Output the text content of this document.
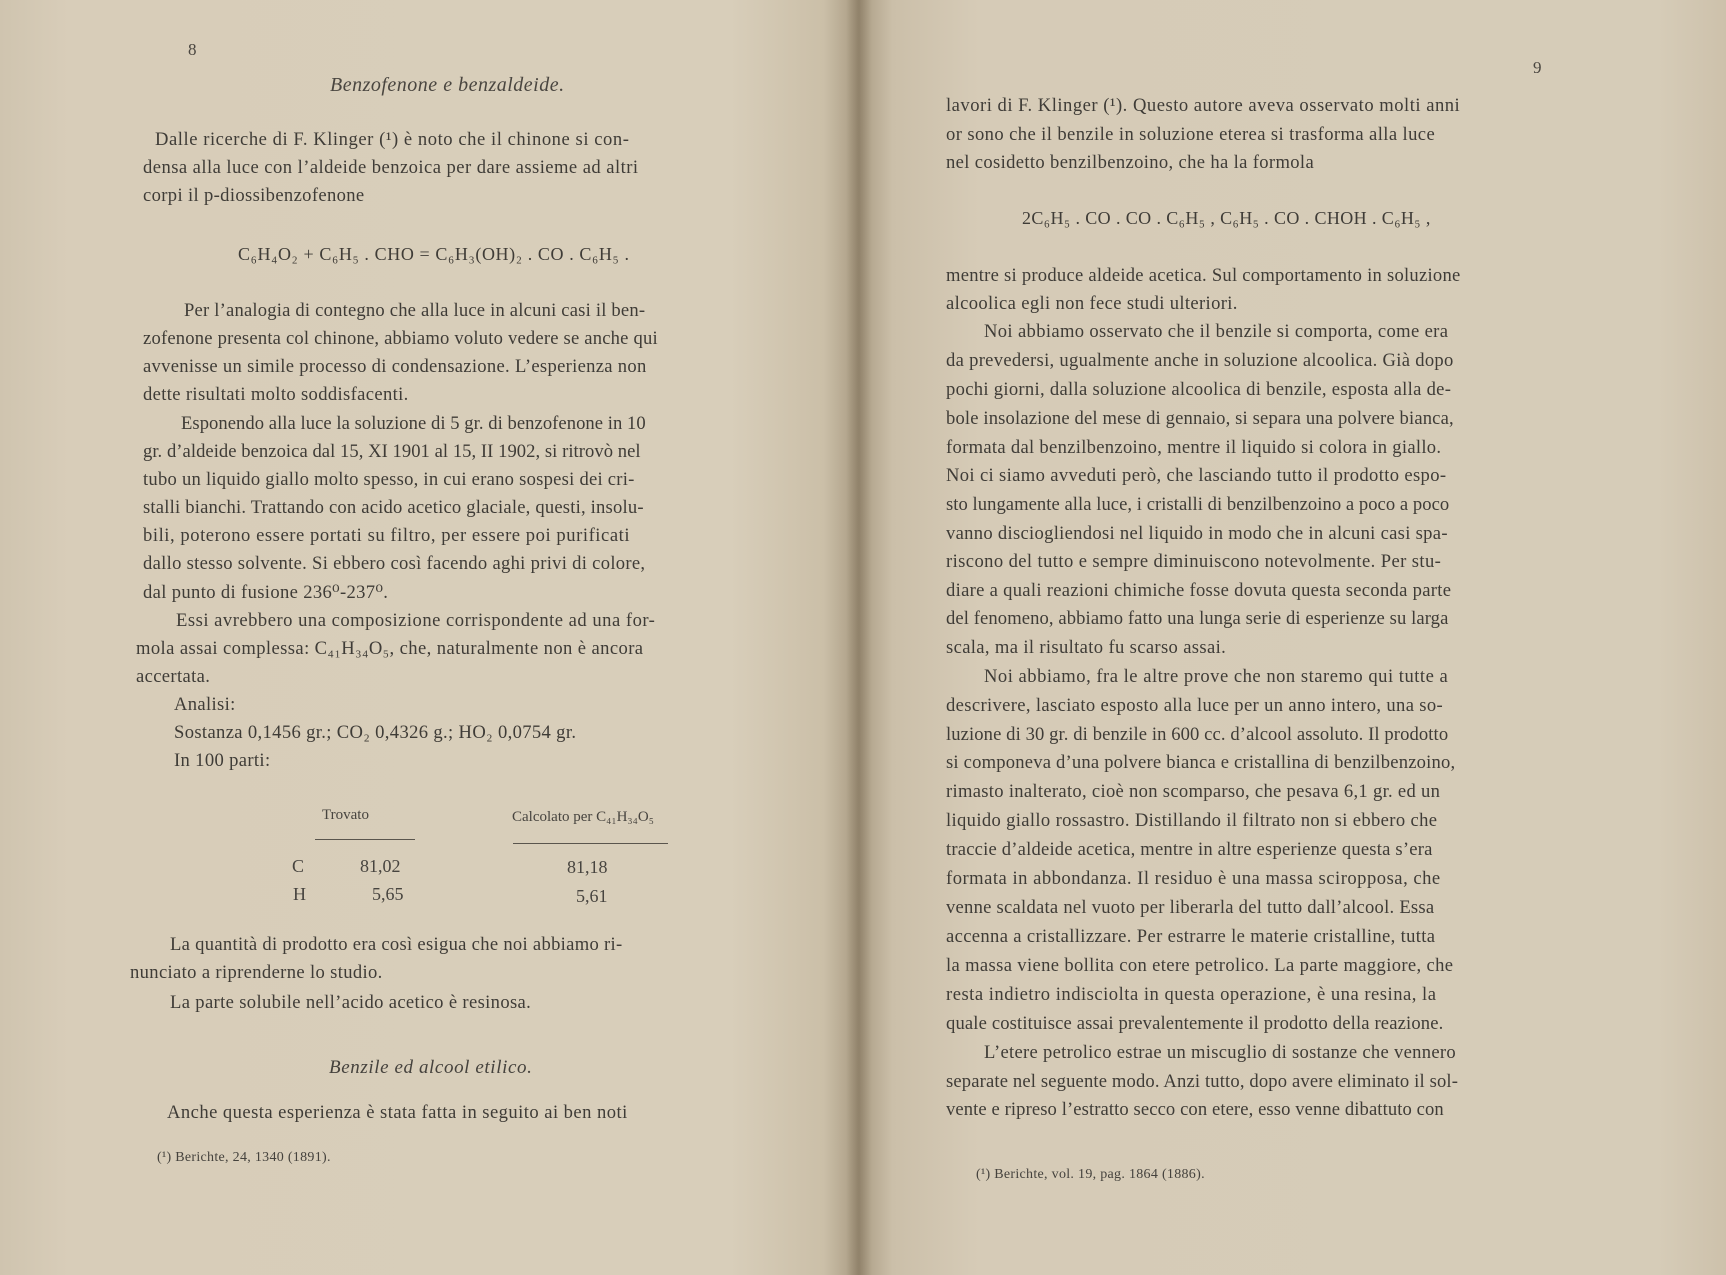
8
Benzofenone e benzaldeide.
Dalle ricerche di F. Klinger (¹) è noto che il chinone si con-
densa alla luce con l’aldeide benzoica per dare assieme ad altri
corpi il p-diossibenzofenone
C₆H₄O₂ + C₆H₅ . CHO = C₆H₃(OH)₂ . CO . C₆H₅ .
Per l’analogia di contegno che alla luce in alcuni casi il ben-
zofenone presenta col chinone, abbiamo voluto vedere se anche qui
avvenisse un simile processo di condensazione. L’esperienza non
dette risultati molto soddisfacenti.
Esponendo alla luce la soluzione di 5 gr. di benzofenone in 10
gr. d’aldeide benzoica dal 15, XI 1901 al 15, II 1902, si ritrovò nel
tubo un liquido giallo molto spesso, in cui erano sospesi dei cri-
stalli bianchi. Trattando con acido acetico glaciale, questi, insolu-
bili, poterono essere portati su filtro, per essere poi purificati
dallo stesso solvente. Si ebbero così facendo aghi privi di colore,
dal punto di fusione 236⁰-237⁰.
Essi avrebbero una composizione corrispondente ad una for-
mola assai complessa: C₄₁H₃₄O₅, che, naturalmente non è ancora
accertata.
Analisi:
Sostanza 0,1456 gr.; CO₂ 0,4326 g.; HO₂ 0,0754 gr.
In 100 parti:
Trovato	Calcolato per C₄₁H₃₄O₅
C	81,02	81,18
H	5,65	5,61
La quantità di prodotto era così esigua che noi abbiamo ri-
nunciato a riprenderne lo studio.
La parte solubile nell’acido acetico è resinosa.
Benzile ed alcool etilico.
Anche questa esperienza è stata fatta in seguito ai ben noti
(¹) Berichte, 24, 1340 (1891).
9
lavori di F. Klinger (¹). Questo autore aveva osservato molti anni
or sono che il benzile in soluzione eterea si trasforma alla luce
nel cosidetto benzilbenzoino, che ha la formola
2C₆H₅ . CO . CO . C₆H₅ , C₆H₅ . CO . CHOH . C₆H₅ ,
mentre si produce aldeide acetica. Sul comportamento in soluzione
alcoolica egli non fece studi ulteriori.
Noi abbiamo osservato che il benzile si comporta, come era
da prevedersi, ugualmente anche in soluzione alcoolica. Già dopo
pochi giorni, dalla soluzione alcoolica di benzile, esposta alla de-
bole insolazione del mese di gennaio, si separa una polvere bianca,
formata dal benzilbenzoino, mentre il liquido si colora in giallo.
Noi ci siamo avveduti però, che lasciando tutto il prodotto espo-
sto lungamente alla luce, i cristalli di benzilbenzoino a poco a poco
vanno disciogliendosi nel liquido in modo che in alcuni casi spa-
riscono del tutto e sempre diminuiscono notevolmente. Per stu-
diare a quali reazioni chimiche fosse dovuta questa seconda parte
del fenomeno, abbiamo fatto una lunga serie di esperienze su larga
scala, ma il risultato fu scarso assai.
Noi abbiamo, fra le altre prove che non staremo qui tutte a
descrivere, lasciato esposto alla luce per un anno intero, una so-
luzione di 30 gr. di benzile in 600 cc. d’alcool assoluto. Il prodotto
si componeva d’una polvere bianca e cristallina di benzilbenzoino,
rimasto inalterato, cioè non scomparso, che pesava 6,1 gr. ed un
liquido giallo rossastro. Distillando il filtrato non si ebbero che
traccie d’aldeide acetica, mentre in altre esperienze questa s’era
formata in abbondanza. Il residuo è una massa sciropposa, che
venne scaldata nel vuoto per liberarla del tutto dall’alcool. Essa
accenna a cristallizzare. Per estrarre le materie cristalline, tutta
la massa viene bollita con etere petrolico. La parte maggiore, che
resta indietro indisciolta in questa operazione, è una resina, la
quale costituisce assai prevalentemente il prodotto della reazione.
L’etere petrolico estrae un miscuglio di sostanze che vennero
separate nel seguente modo. Anzi tutto, dopo avere eliminato il sol-
vente e ripreso l’estratto secco con etere, esso venne dibattuto con
(¹) Berichte, vol. 19, pag. 1864 (1886).
